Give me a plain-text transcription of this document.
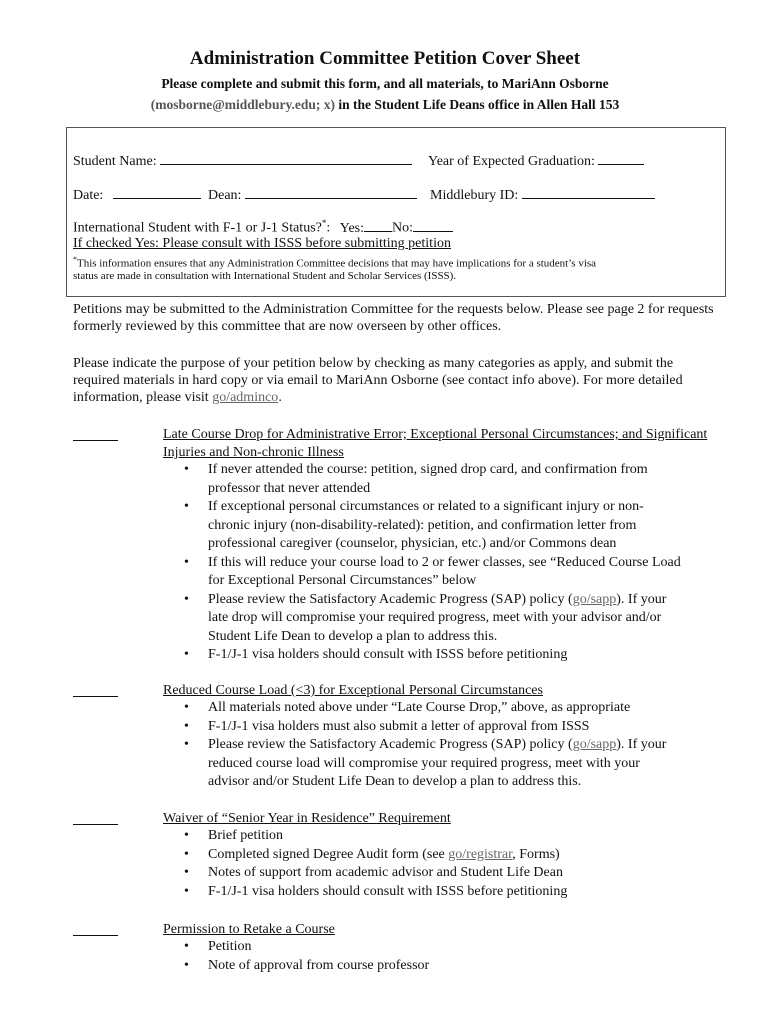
Administration Committee Petition Cover Sheet
Please complete and submit this form, and all materials, to MariAnn Osborne
(mosborne@middlebury.edu; x) in the Student Life Deans office in Allen Hall 153
Student Name:	Year of Expected Graduation:
Date:	Dean:	Middlebury ID:
International Student with F-1 or J-1 Status?*: Yes: No:
If checked Yes: Please consult with ISSS before submitting petition
*This information ensures that any Administration Committee decisions that may have implications for a student’s visa
status are made in consultation with International Student and Scholar Services (ISSS).
Petitions may be submitted to the Administration Committee for the requests below. Please see page 2 for requests formerly reviewed by this committee that are now overseen by other offices.
Please indicate the purpose of your petition below by checking as many categories as apply, and submit the required materials in hard copy or via email to MariAnn Osborne (see contact info above). For more detailed information, please visit go/adminco.
Late Course Drop for Administrative Error; Exceptional Personal Circumstances; and Significant Injuries and Non-chronic Illness
• If never attended the course: petition, signed drop card, and confirmation from professor that never attended
• If exceptional personal circumstances or related to a significant injury or non-chronic injury (non-disability-related): petition, and confirmation letter from professional caregiver (counselor, physician, etc.) and/or Commons dean
• If this will reduce your course load to 2 or fewer classes, see “Reduced Course Load for Exceptional Personal Circumstances” below
• Please review the Satisfactory Academic Progress (SAP) policy (go/sapp). If your late drop will compromise your required progress, meet with your advisor and/or Student Life Dean to develop a plan to address this.
• F-1/J-1 visa holders should consult with ISSS before petitioning
Reduced Course Load (<3) for Exceptional Personal Circumstances
• All materials noted above under “Late Course Drop,” above, as appropriate
• F-1/J-1 visa holders must also submit a letter of approval from ISSS
• Please review the Satisfactory Academic Progress (SAP) policy (go/sapp). If your reduced course load will compromise your required progress, meet with your advisor and/or Student Life Dean to develop a plan to address this.
Waiver of “Senior Year in Residence” Requirement
• Brief petition
• Completed signed Degree Audit form (see go/registrar, Forms)
• Notes of support from academic advisor and Student Life Dean
• F-1/J-1 visa holders should consult with ISSS before petitioning
Permission to Retake a Course
• Petition
• Note of approval from course professor
